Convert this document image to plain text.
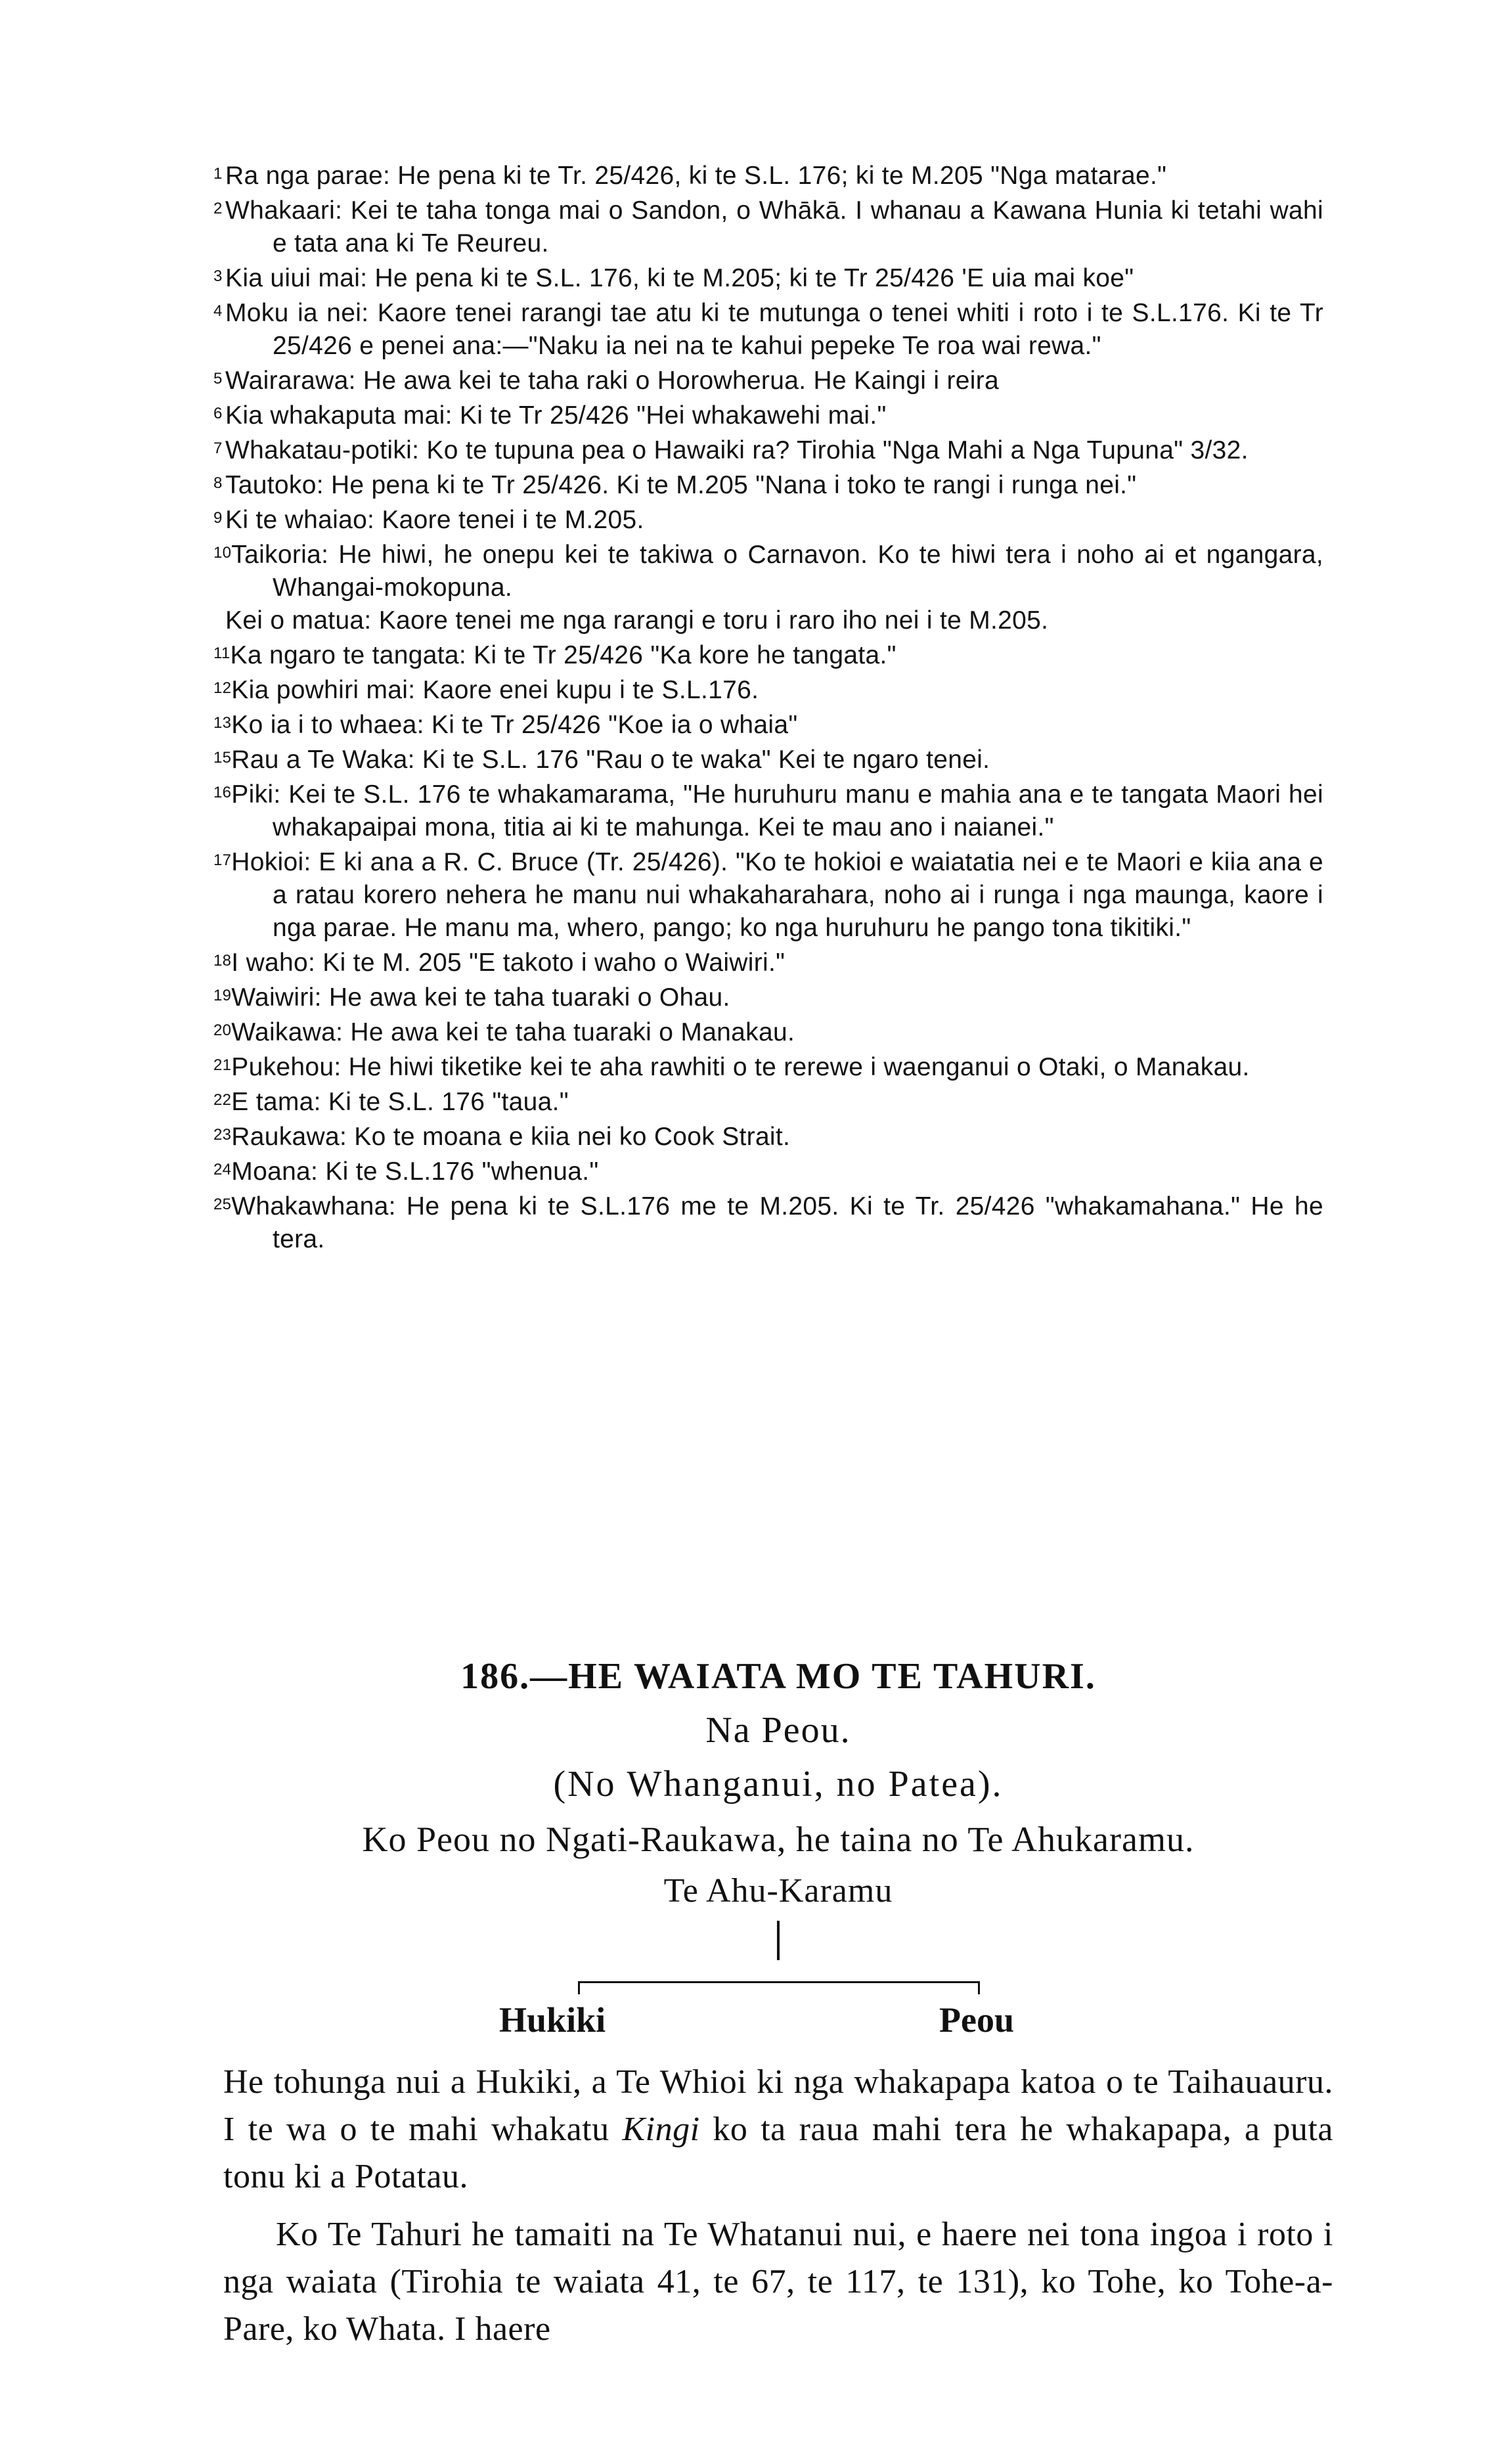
1 Ra nga parae: He pena ki te Tr. 25/426, ki te S.L. 176; ki te M.205 "Nga matarae."

2 Whakaari: Kei te taha tonga mai o Sandon, o Whākā. I whanau a Kawana Hunia ki tetahi wahi e tata ana ki Te Reureu.

3 Kia uiui mai: He pena ki te S.L. 176, ki te M.205; ki te Tr 25/426 'E uia mai koe"

4 Moku ia nei: Kaore tenei rarangi tae atu ki te mutunga o tenei whiti i roto i te S.L.176. Ki te Tr 25/426 e penei ana:—"Naku ia nei na te kahui pepeke Te roa wai rewa."

5 Wairarawa: He awa kei te taha raki o Horowherua. He Kaingi i reira

6 Kia whakaputa mai: Ki te Tr 25/426 "Hei whakawehi mai."

7 Whakatau-potiki: Ko te tupuna pea o Hawaiki ra? Tirohia "Nga Mahi a Nga Tupuna" 3/32.

8 Tautoko: He pena ki te Tr 25/426. Ki te M.205 "Nana i toko te rangi i runga nei."

9 Ki te whaiao: Kaore tenei i te M.205.

10Taikoria: He hiwi, he onepu kei te takiwa o Carnavon. Ko te hiwi tera i noho ai et ngangara, Whangai-mokopuna.

Kei o matua: Kaore tenei me nga rarangi e toru i raro iho nei i te M.205.

11Ka ngaro te tangata: Ki te Tr 25/426 "Ka kore he tangata."

12Kia powhiri mai: Kaore enei kupu i te S.L.176.

13Ko ia i to whaea: Ki te Tr 25/426 "Koe ia o whaia"

15Rau a Te Waka: Ki te S.L. 176 "Rau o te waka" Kei te ngaro tenei.

16Piki: Kei te S.L. 176 te whakamarama, "He huruhuru manu e mahia ana e te tangata Maori hei whakapaipai mona, titia ai ki te mahunga. Kei te mau ano i naianei."

17Hokioi: E ki ana a R. C. Bruce (Tr. 25/426). "Ko te hokioi e waiatatia nei e te Maori e kiia ana e a ratau korero nehera he manu nui whakaharahara, noho ai i runga i nga maunga, kaore i nga parae. He manu ma, whero, pango; ko nga huruhuru he pango tona tikitiki."

18I waho: Ki te M. 205 "E takoto i waho o Waiwiri."

19Waiwiri: He awa kei te taha tuaraki o Ohau.

20Waikawa: He awa kei te taha tuaraki o Manakau.

21Pukehou: He hiwi tiketike kei te aha rawhiti o te rerewe i waenganui o Otaki, o Manakau.

22E tama: Ki te S.L. 176 "taua."

23Raukawa: Ko te moana e kiia nei ko Cook Strait.

24Moana: Ki te S.L.176 "whenua."

25Whakawhana: He pena ki te S.L.176 me te M.205. Ki te Tr. 25/426 "whakamahana." He he tera.

186.—HE WAIATA MO TE TAHURI.

Na Peou.

(No Whanganui, no Patea).

Ko Peou no Ngati-Raukawa, he taina no Te Ahukaramu.

Te Ahu-Karamu

Hukiki	Peou

He tohunga nui a Hukiki, a Te Whioi ki nga whakapapa katoa o te Taihauauru. I te wa o te mahi whakatu Kingi ko ta raua mahi tera he whakapapa, a puta tonu ki a Potatau.

Ko Te Tahuri he tamaiti na Te Whatanui nui, e haere nei tona ingoa i roto i nga waiata (Tirohia te waiata 41, te 67, te 117, te 131), ko Tohe, ko Tohe-a-Pare, ko Whata. I haere
